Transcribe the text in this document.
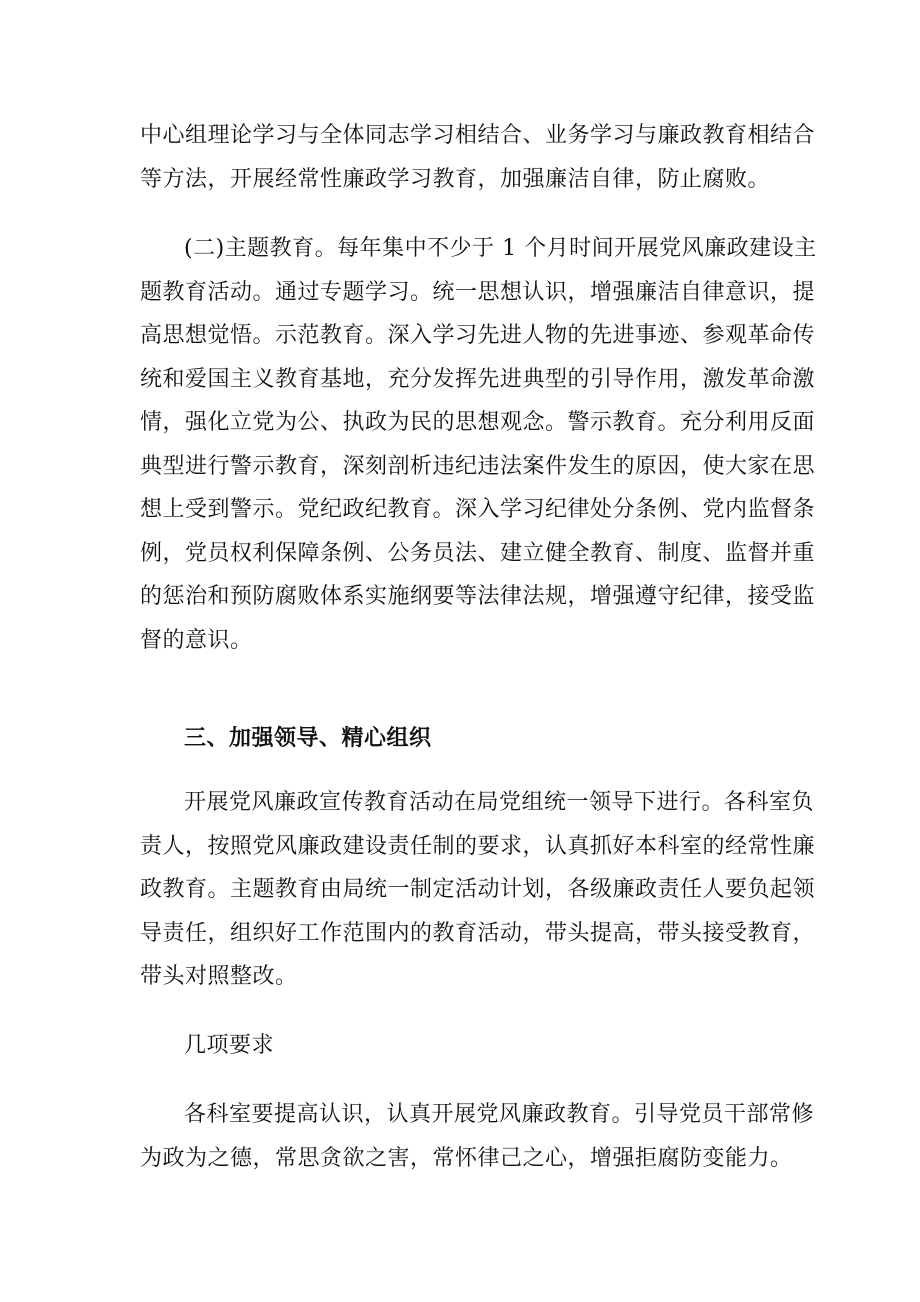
中心组理论学习与全体同志学习相结合、业务学习与廉政教育相结合
等方法，开展经常性廉政学习教育，加强廉洁自律，防止腐败。
(二)主题教育。每年集中不少于 1 个月时间开展党风廉政建设主
题教育活动。通过专题学习。统一思想认识，增强廉洁自律意识，提
高思想觉悟。示范教育。深入学习先进人物的先进事迹、参观革命传
统和爱国主义教育基地，充分发挥先进典型的引导作用，激发革命激
情，强化立党为公、执政为民的思想观念。警示教育。充分利用反面
典型进行警示教育，深刻剖析违纪违法案件发生的原因，使大家在思
想上受到警示。党纪政纪教育。深入学习纪律处分条例、党内监督条
例，党员权利保障条例、公务员法、建立健全教育、制度、监督并重
的惩治和预防腐败体系实施纲要等法律法规，增强遵守纪律，接受监
督的意识。
三、加强领导、精心组织
开展党风廉政宣传教育活动在局党组统一领导下进行。各科室负
责人，按照党风廉政建设责任制的要求，认真抓好本科室的经常性廉
政教育。主题教育由局统一制定活动计划，各级廉政责任人要负起领
导责任，组织好工作范围内的教育活动，带头提高，带头接受教育，
带头对照整改。
几项要求
各科室要提高认识，认真开展党风廉政教育。引导党员干部常修
为政为之德，常思贪欲之害，常怀律己之心，增强拒腐防变能力。
